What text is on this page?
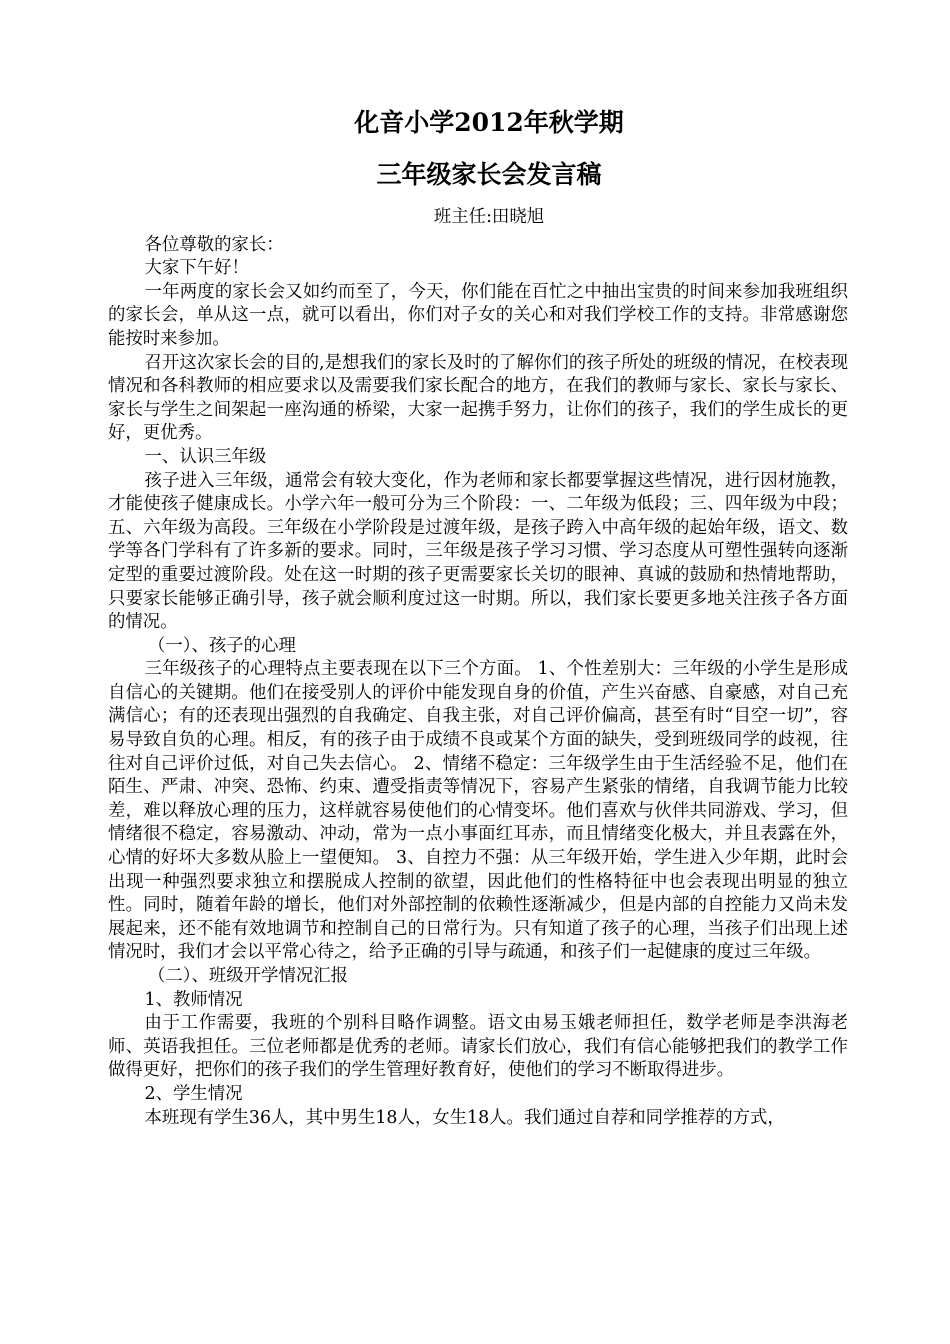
化音小学2012年秋学期
三年级家长会发言稿
班主任:田晓旭

各位尊敬的家长：

大家下午好！

一年两度的家长会又如约而至了，今天，你们能在百忙之中抽出宝贵的时间来参加我班组织的家长会，单从这一点，就可以看出，你们对子女的关心和对我们学校工作的支持。非常感谢您能按时来参加。

召开这次家长会的目的,是想我们的家长及时的了解你们的孩子所处的班级的情况，在校表现情况和各科教师的相应要求以及需要我们家长配合的地方，在我们的教师与家长、家长与家长、家长与学生之间架起一座沟通的桥梁，大家一起携手努力，让你们的孩子，我们的学生成长的更好，更优秀。

一、认识三年级

孩子进入三年级，通常会有较大变化，作为老师和家长都要掌握这些情况，进行因材施教，才能使孩子健康成长。小学六年一般可分为三个阶段：一、二年级为低段；三、四年级为中段；五、六年级为高段。三年级在小学阶段是过渡年级，是孩子跨入中高年级的起始年级，语文、数学等各门学科有了许多新的要求。同时，三年级是孩子学习习惯、学习态度从可塑性强转向逐渐定型的重要过渡阶段。处在这一时期的孩子更需要家长关切的眼神、真诚的鼓励和热情地帮助，只要家长能够正确引导，孩子就会顺利度过这一时期。所以，我们家长要更多地关注孩子各方面的情况。

（一）、孩子的心理

三年级孩子的心理特点主要表现在以下三个方面。 1、个性差别大：三年级的小学生是形成自信心的关键期。他们在接受别人的评价中能发现自身的价值，产生兴奋感、自豪感，对自己充满信心；有的还表现出强烈的自我确定、自我主张，对自己评价偏高，甚至有时“目空一切”，容易导致自负的心理。相反，有的孩子由于成绩不良或某个方面的缺失，受到班级同学的歧视，往往对自己评价过低，对自己失去信心。 2、情绪不稳定：三年级学生由于生活经验不足，他们在陌生、严肃、冲突、恐怖、约束、遭受指责等情况下，容易产生紧张的情绪，自我调节能力比较差，难以释放心理的压力，这样就容易使他们的心情变坏。他们喜欢与伙伴共同游戏、学习，但情绪很不稳定，容易激动、冲动，常为一点小事面红耳赤，而且情绪变化极大，并且表露在外，心情的好坏大多数从脸上一望便知。 3、自控力不强：从三年级开始，学生进入少年期，此时会出现一种强烈要求独立和摆脱成人控制的欲望，因此他们的性格特征中也会表现出明显的独立性。同时，随着年龄的增长，他们对外部控制的依赖性逐渐减少，但是内部的自控能力又尚未发展起来，还不能有效地调节和控制自己的日常行为。只有知道了孩子的心理，当孩子们出现上述情况时，我们才会以平常心待之，给予正确的引导与疏通，和孩子们一起健康的度过三年级。

（二）、班级开学情况汇报

1、教师情况

由于工作需要，我班的个别科目略作调整。语文由易玉娥老师担任，数学老师是李洪海老师、英语我担任。三位老师都是优秀的老师。请家长们放心，我们有信心能够把我们的教学工作做得更好，把你们的孩子我们的学生管理好教育好，使他们的学习不断取得进步。

2、学生情况

本班现有学生36人，其中男生18人，女生18人。我们通过自荐和同学推荐的方式，
